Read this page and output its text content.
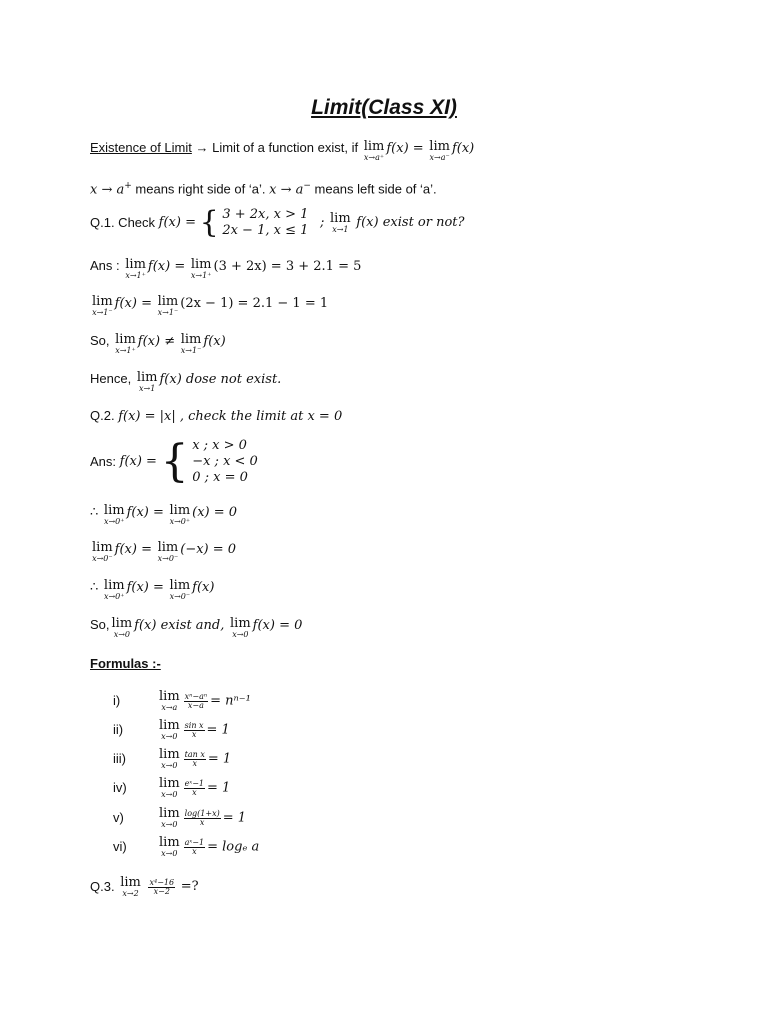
Limit(Class XI)
Existence of Limit → Limit of a function exist, if lim
x→a⁺
f(x) = lim
x→a⁻
f(x)
x → a+ means right side of ‘a’. x → a− means left side of ‘a’.
Q.1. Check f(x) = { 3 + 2x, x > 1
2x − 1, x ≤ 1
; lim
x→1 f(x) exist or not?
Ans : lim
x→1⁺
f(x) = lim
x→1⁺
(3 + 2x) = 3 + 2.1 = 5
lim
x→1⁻
f(x) = lim
x→1⁻
(2x − 1) = 2.1 − 1 = 1
So, lim
x→1⁺
f(x) ≠ lim
x→1⁻
f(x)
Hence, lim
x→1
f(x) dose not exist.
Q.2. f(x) = |x| , check the limit at x = 0
Ans: f(x) = { x ; x > 0
−x ; x < 0
0 ; x = 0
∴ lim
x→0⁺
f(x) = lim
x→0⁺
(x) = 0
lim
x→0⁻
f(x) = lim
x→0⁻
(−x) = 0
∴ lim
x→0⁺
f(x) = lim
x→0⁻
f(x)
So, lim
x→0
f(x) exist and, lim
x→0
f(x) = 0
Formulas :-
i)	lim
$x\to a \frac{\text{xⁿ−aⁿ}}{x-a} = n^{n-1}$
ii)	lim
$x\to 0 \frac{\text{sin x}}{x} = 1$
iii)	lim
$x\to 0 \frac{\text{tan x}}{x} = 1$
iv) lim
$x\to 0 \frac{\text{eˣ−1}}{x} = 1$
v)	lim
$x\to 0 \frac{\log(1+x)}{x} = 1$
vi) lim
$x\to 0 \frac{\text{aˣ−1}}{x} = \log_e$ a
Q.3. lim
x→2
$\frac{\text{x⁴−16}}{x-2}$ =?
